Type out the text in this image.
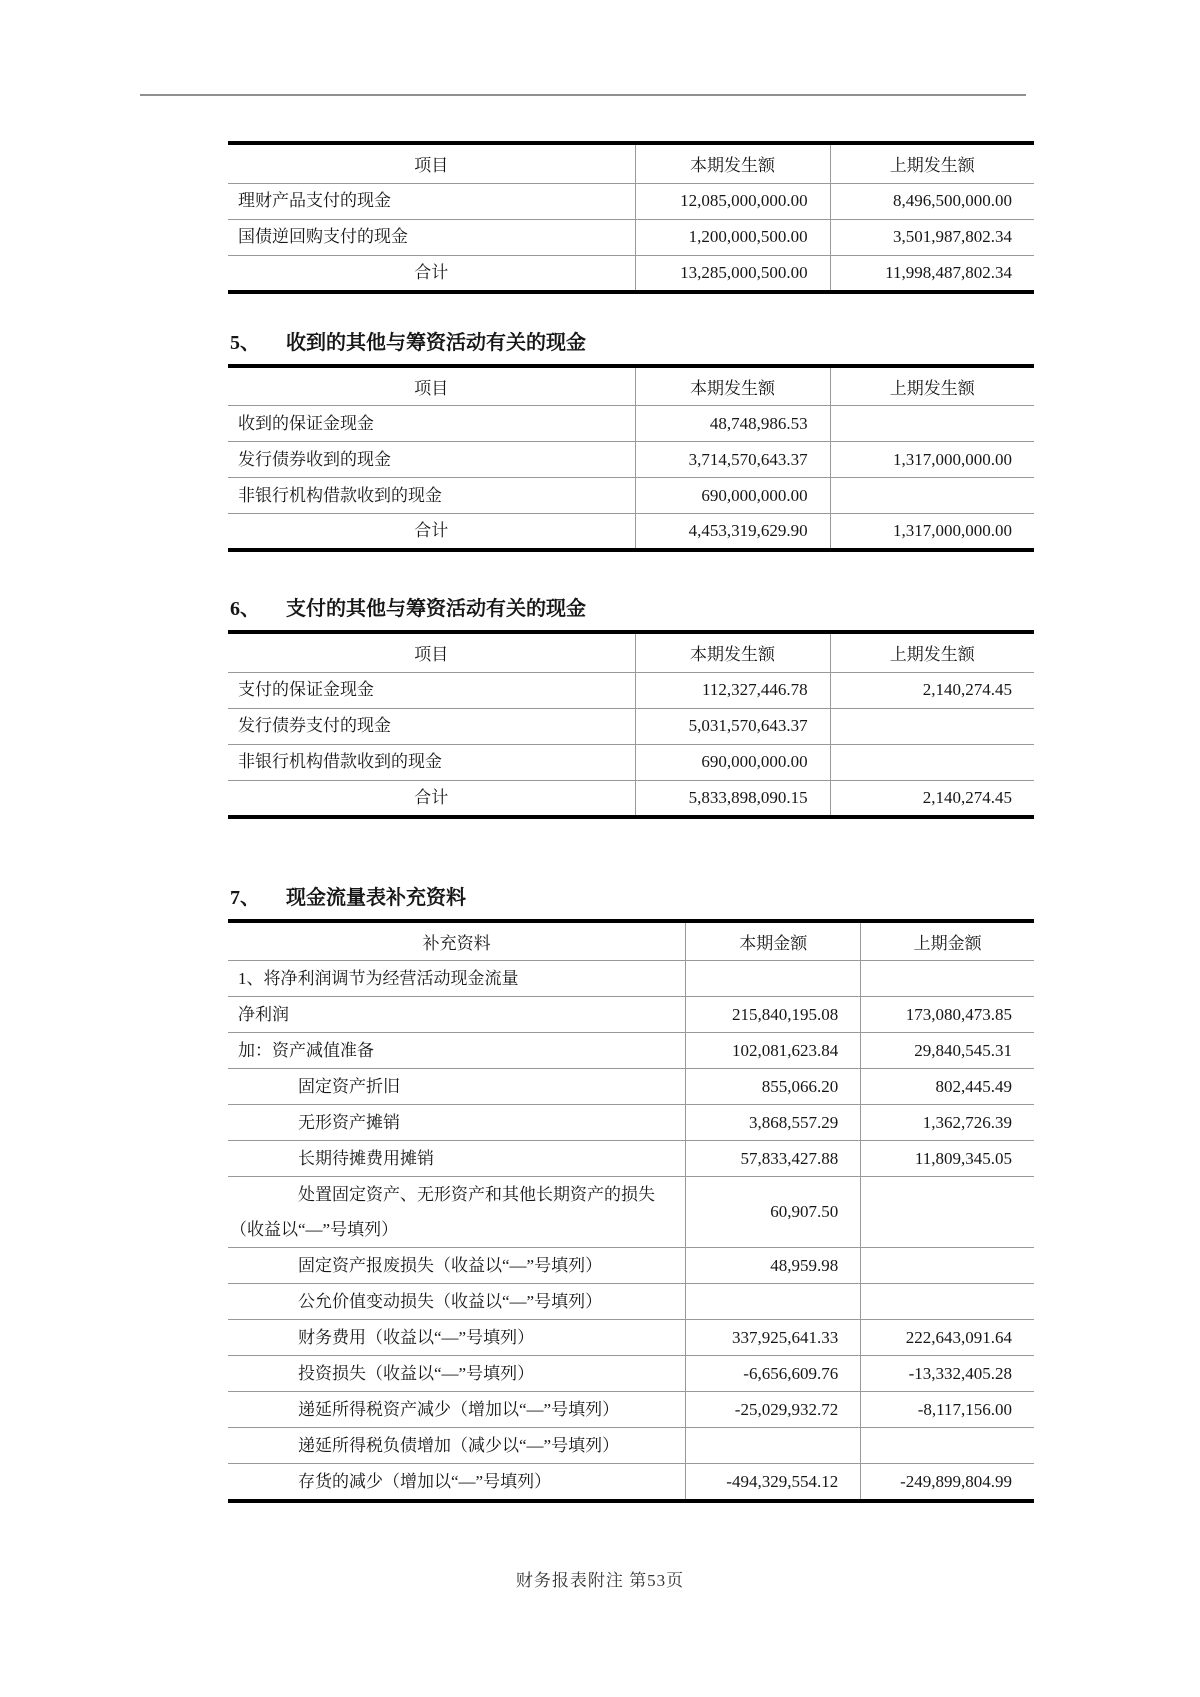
项目	本期发生额	上期发生额

理财产品支付的现金	12,085,000,000.00	8,496,500,000.00

国债逆回购支付的现金	1,200,000,500.00	3,501,987,802.34

合计	13,285,000,500.00	11,998,487,802.34
5、	收到的其他与筹资活动有关的现金
项目	本期发生额	上期发生额

收到的保证金现金	48,748,986.53	

发行债券收到的现金	3,714,570,643.37	1,317,000,000.00

非银行机构借款收到的现金	690,000,000.00	

合计	4,453,319,629.90	1,317,000,000.00
6、	支付的其他与筹资活动有关的现金
项目	本期发生额	上期发生额

支付的保证金现金	112,327,446.78	2,140,274.45

发行债券支付的现金	5,031,570,643.37	

非银行机构借款收到的现金	690,000,000.00	

合计	5,833,898,090.15	2,140,274.45
7、	现金流量表补充资料
补充资料	本期金额	上期金额

1、将净利润调节为经营活动现金流量		

净利润	215,840,195.08	173,080,473.85

加：资产减值准备	102,081,623.84	29,840,545.31

固定资产折旧	855,066.20	802,445.49

无形资产摊销	3,868,557.29	1,362,726.39

长期待摊费用摊销	57,833,427.88	11,809,345.05

处置固定资产、无形资产和其他长期资产的损失
（收益以“—”号填列）	60,907.50	

固定资产报废损失（收益以“—”号填列）	48,959.98	

公允价值变动损失（收益以“—”号填列）		

财务费用（收益以“—”号填列）	337,925,641.33	222,643,091.64

投资损失（收益以“—”号填列）	-6,656,609.76	-13,332,405.28

递延所得税资产减少（增加以“—”号填列）	-25,029,932.72	-8,117,156.00

递延所得税负债增加（减少以“—”号填列）		

存货的减少（增加以“—”号填列）	-494,329,554.12	-249,899,804.99
财务报表附注 第53页
